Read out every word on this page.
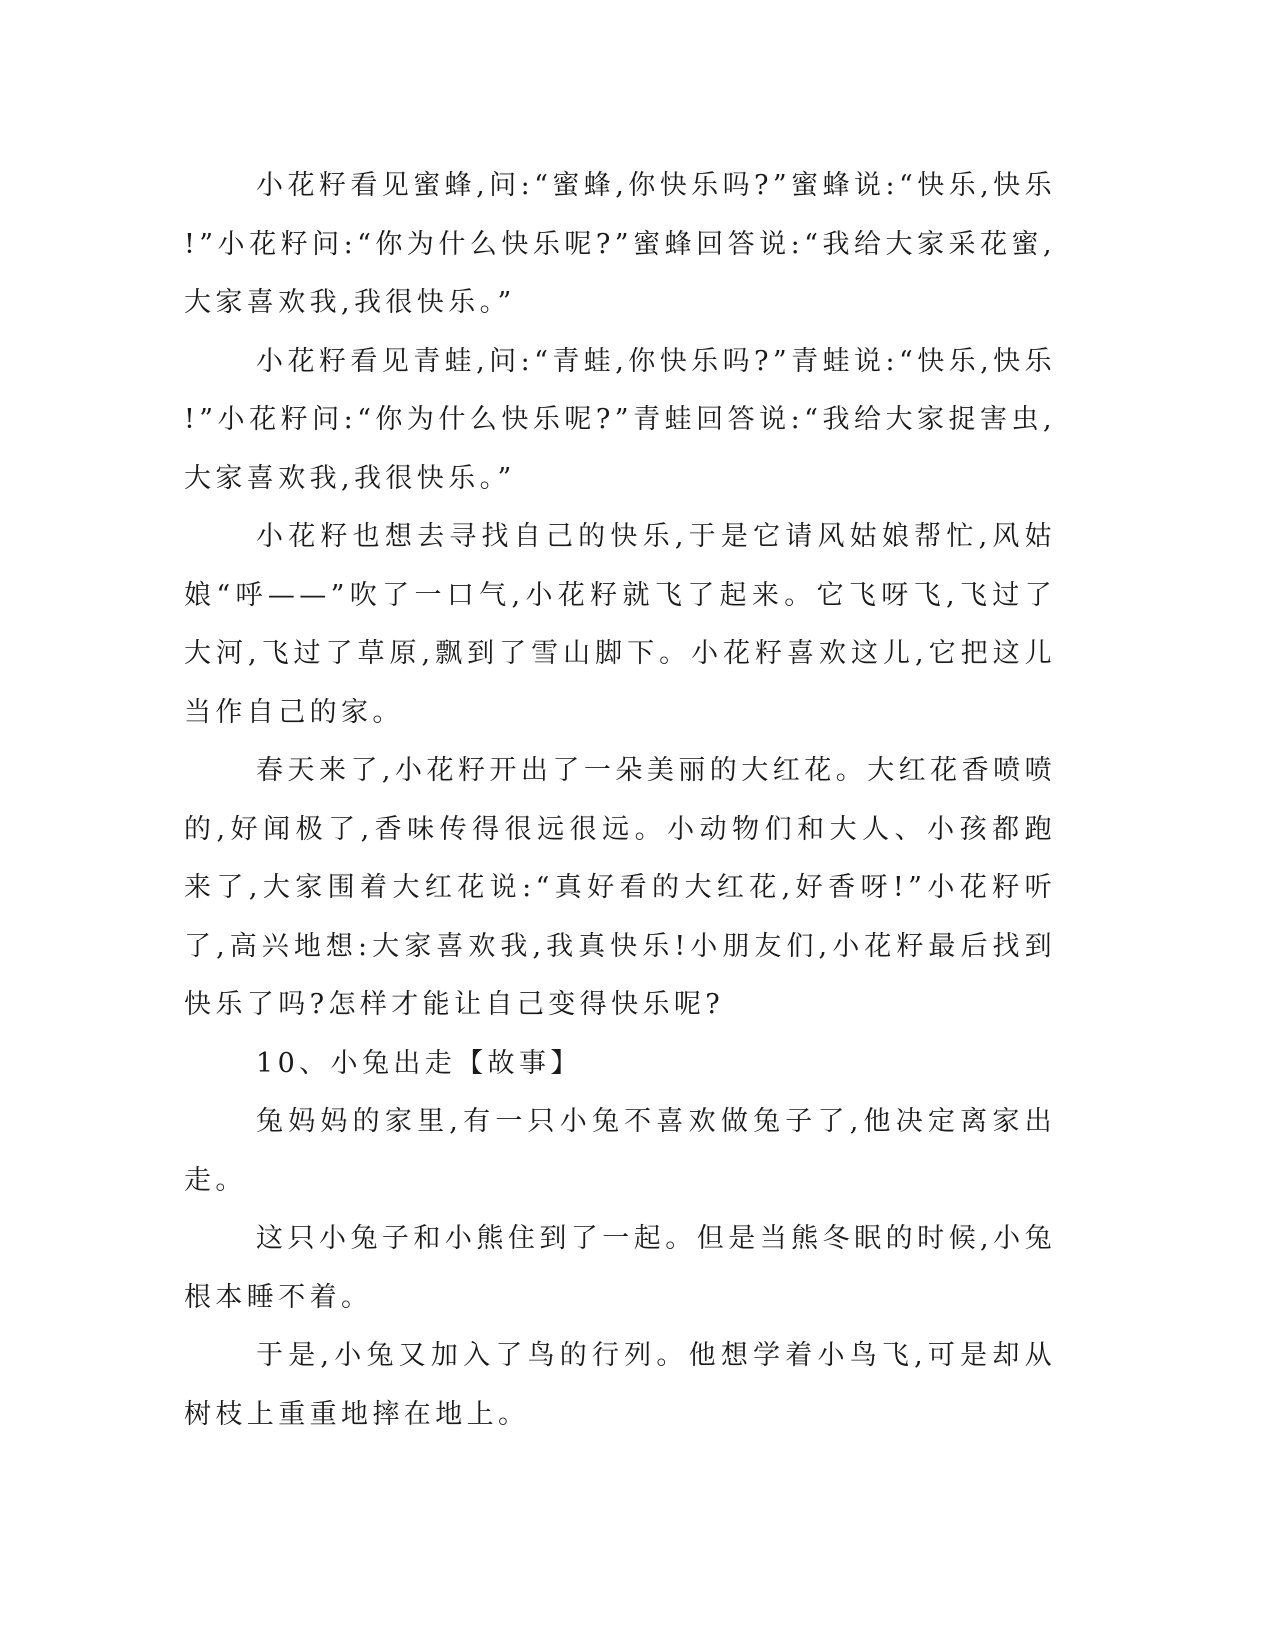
小花籽看见蜜蜂,问:“蜜蜂,你快乐吗?”蜜蜂说:“快乐,快乐!”小花籽问:“你为什么快乐呢?”蜜蜂回答说:“我给大家采花蜜,大家喜欢我,我很快乐。”

小花籽看见青蛙,问:“青蛙,你快乐吗?”青蛙说:“快乐,快乐!”小花籽问:“你为什么快乐呢?”青蛙回答说:“我给大家捉害虫,大家喜欢我,我很快乐。”

小花籽也想去寻找自己的快乐,于是它请风姑娘帮忙,风姑娘“呼——”吹了一口气,小花籽就飞了起来。它飞呀飞,飞过了大河,飞过了草原,飘到了雪山脚下。小花籽喜欢这儿,它把这儿当作自己的家。

春天来了,小花籽开出了一朵美丽的大红花。大红花香喷喷的,好闻极了,香味传得很远很远。小动物们和大人、小孩都跑来了,大家围着大红花说:“真好看的大红花,好香呀!”小花籽听了,高兴地想:大家喜欢我,我真快乐!小朋友们,小花籽最后找到快乐了吗?怎样才能让自己变得快乐呢?

10、小兔出走【故事】

兔妈妈的家里,有一只小兔不喜欢做兔子了,他决定离家出走。

这只小兔子和小熊住到了一起。但是当熊冬眠的时候,小兔根本睡不着。

于是,小兔又加入了鸟的行列。他想学着小鸟飞,可是却从树枝上重重地摔在地上。
